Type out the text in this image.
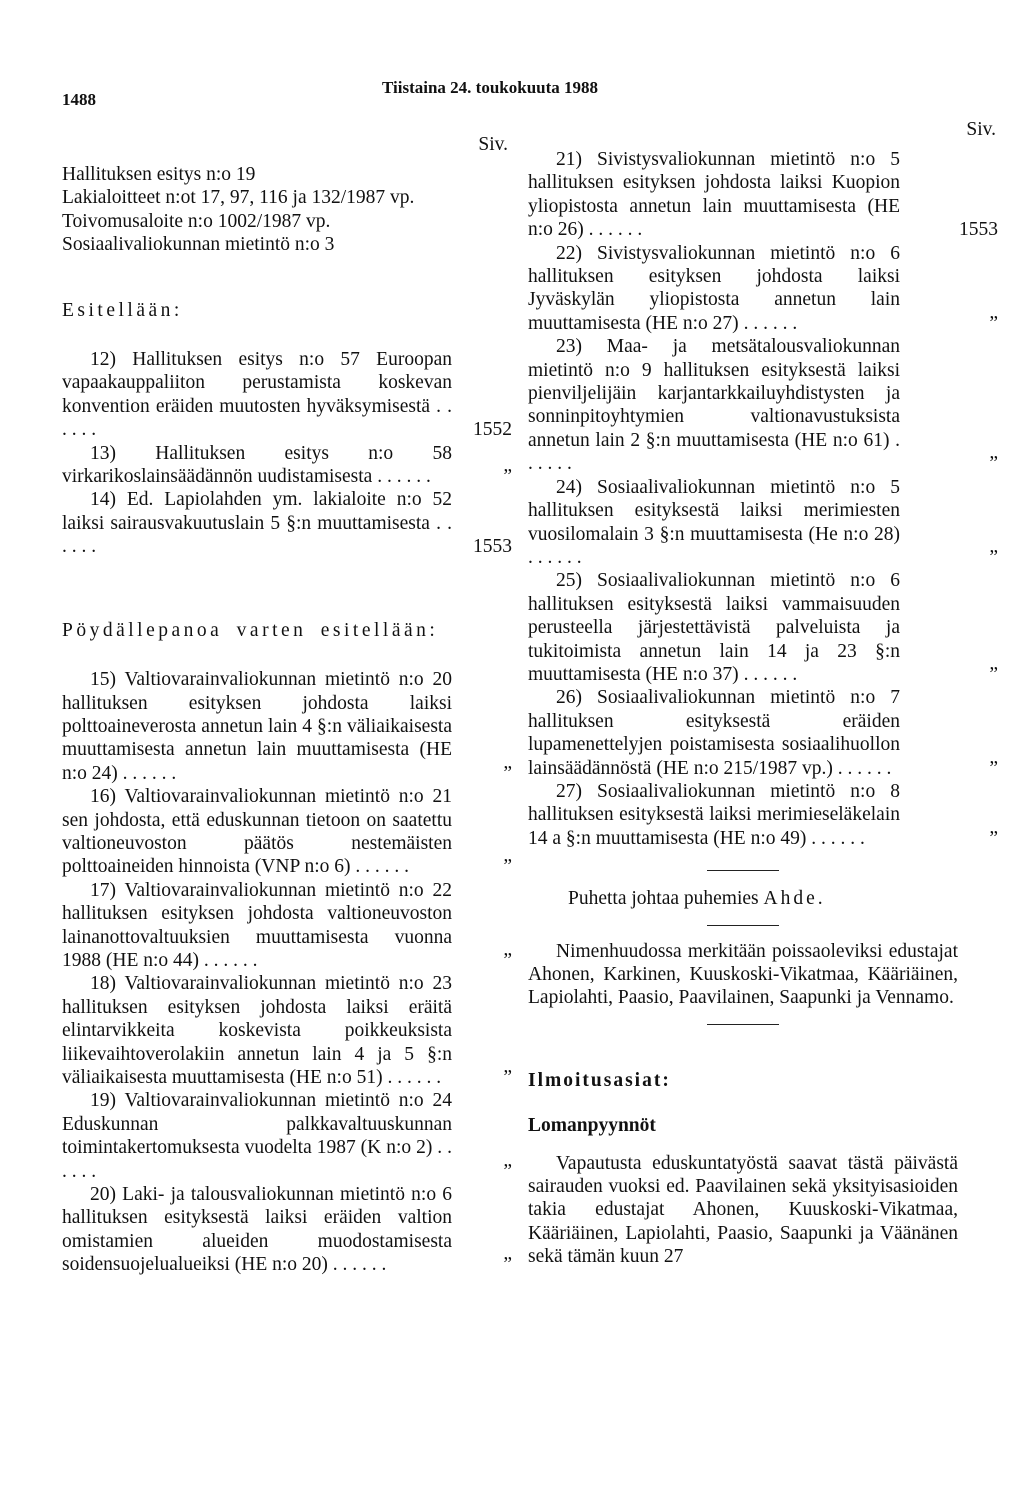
1488
Tiistaina 24. toukokuuta 1988
Siv.

Hallituksen esitys n:o 19

Lakialoitteet n:ot 17, 97, 116 ja 132/1987 vp.

Toivomusaloite n:o 1002/1987 vp.

Sosiaalivaliokunnan mietintö n:o 3

Esitellään:
12) Hallituksen esitys n:o 57 Euroopan vapaakauppaliiton perustamista koskevan konvention eräiden muutosten hyväksymisestä . . . . . .	1552
13) Hallituksen esitys n:o 58 virkarikoslainsäädännön uudistamisesta . . . . . .	”
14) Ed. Lapiolahden ym. lakialoite n:o 52 laiksi sairausvakuutuslain 5 §:n muuttamisesta . . . . . .	1553
Pöydällepanoa varten esitellään:
15) Valtiovarainvaliokunnan mietintö n:o 20 hallituksen esityksen johdosta laiksi polttoaineverosta annetun lain 4 §:n väliaikaisesta muuttamisesta annetun lain muuttamisesta (HE n:o 24) . . . . . .	”
16) Valtiovarainvaliokunnan mietintö n:o 21 sen johdosta, että eduskunnan tietoon on saatettu valtioneuvoston päätös nestemäisten polttoaineiden hinnoista (VNP n:o 6) . . . . . .	”
17) Valtiovarainvaliokunnan mietintö n:o 22 hallituksen esityksen johdosta valtioneuvoston lainanottovaltuuksien muuttamisesta vuonna 1988 (HE n:o 44) . . . . . .	”
18) Valtiovarainvaliokunnan mietintö n:o 23 hallituksen esityksen johdosta laiksi eräitä elintarvikkeita koskevista poikkeuksista liikevaihtoverolakiin annetun lain 4 ja 5 §:n väliaikaisesta muuttamisesta (HE n:o 51) . . . . . .	”
19) Valtiovarainvaliokunnan mietintö n:o 24 Eduskunnan palkkavaltuuskunnan toimintakertomuksesta vuodelta 1987 (K n:o 2) . . . . . .	”
20) Laki- ja talousvaliokunnan mietintö n:o 6 hallituksen esityksestä laiksi eräiden valtion omistamien alueiden muodostamisesta soidensuojelualueiksi (HE n:o 20) . . . . . .	”
Siv.
21) Sivistysvaliokunnan mietintö n:o 5 hallituksen esityksen johdosta laiksi Kuopion yliopistosta annetun lain muuttamisesta (HE n:o 26) . . . . . .	1553
22) Sivistysvaliokunnan mietintö n:o 6 hallituksen esityksen johdosta laiksi Jyväskylän yliopistosta annetun lain muuttamisesta (HE n:o 27) . . . . . .	”
23) Maa- ja metsätalousvaliokunnan mietintö n:o 9 hallituksen esityksestä laiksi pienviljelijäin karjantarkkailuyhdistysten ja sonninpitoyhtymien valtionavustuksista annetun lain 2 §:n muuttamisesta (HE n:o 61) . . . . . .	”
24) Sosiaalivaliokunnan mietintö n:o 5 hallituksen esityksestä laiksi merimiesten vuosilomalain 3 §:n muuttamisesta (He n:o 28) . . . . . .	”
25) Sosiaalivaliokunnan mietintö n:o 6 hallituksen esityksestä laiksi vammaisuuden perusteella järjestettävistä palveluista ja tukitoimista annetun lain 14 ja 23 §:n muuttamisesta (HE n:o 37) . . . . . .	”
26) Sosiaalivaliokunnan mietintö n:o 7 hallituksen esityksestä eräiden lupamenettelyjen poistamisesta sosiaalihuollon lainsäädännöstä (HE n:o 215/1987 vp.) . . . . . .	”
27) Sosiaalivaliokunnan mietintö n:o 8 hallituksen esityksestä laiksi merimieseläkelain 14 a §:n muuttamisesta (HE n:o 49) . . . . . .	”
Puhetta johtaa puhemies Ahde.
Nimenhuudossa merkitään poissaoleviksi edustajat Ahonen, Karkinen, Kuuskoski-Vikatmaa, Kääriäinen, Lapiolahti, Paasio, Paavilainen, Saapunki ja Vennamo.
Ilmoitusasiat:
Lomanpyynnöt
Vapautusta eduskuntatyöstä saavat tästä päivästä sairauden vuoksi ed. Paavilainen sekä yksityisasioiden takia edustajat Ahonen, Kuuskoski-Vikatmaa, Kääriäinen, Lapiolahti, Paasio, Saapunki ja Väänänen sekä tämän kuun 27
